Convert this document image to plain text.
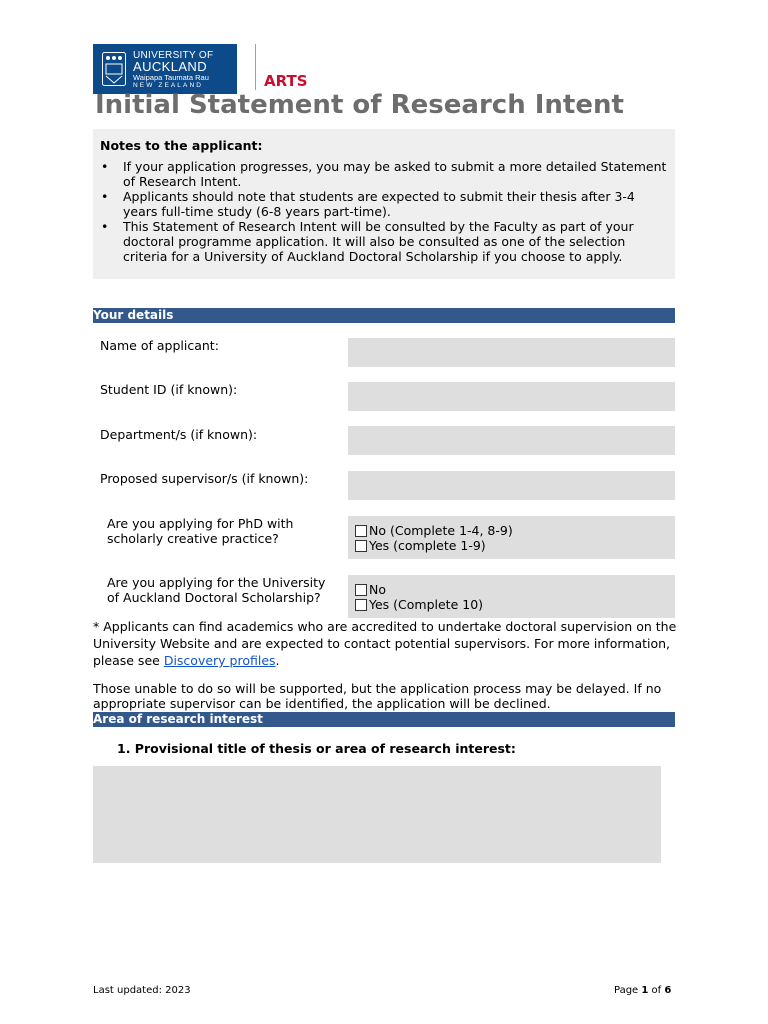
UNIVERSITY OF
AUCKLAND
Waipapa Taumata Rau
NEW ZEALAND	ARTS
Initial Statement of Research Intent
Notes to the applicant:
• If your application progresses, you may be asked to submit a more detailed Statement of Research Intent.
• Applicants should note that students are expected to submit their thesis after 3-4 years full-time study (6-8 years part-time).
• This Statement of Research Intent will be consulted by the Faculty as part of your doctoral programme application. It will also be consulted as one of the selection criteria for a University of Auckland Doctoral Scholarship if you choose to apply.
Your details
Name of applicant:
Student ID (if known):
Department/s (if known):
Proposed supervisor/s (if known):
Are you applying for PhD with
scholarly creative practice?
No (Complete 1-4, 8-9)
Yes (complete 1-9)
Are you applying for the University
of Auckland Doctoral Scholarship?
No
Yes (Complete 10)
* Applicants can find academics who are accredited to undertake doctoral supervision on the University Website and are expected to contact potential supervisors. For more information, please see Discovery profiles.
Those unable to do so will be supported, but the application process may be delayed. If no appropriate supervisor can be identified, the application will be declined.
Area of research interest
1. Provisional title of thesis or area of research interest:
Last updated: 2023	Page 1 of 6
